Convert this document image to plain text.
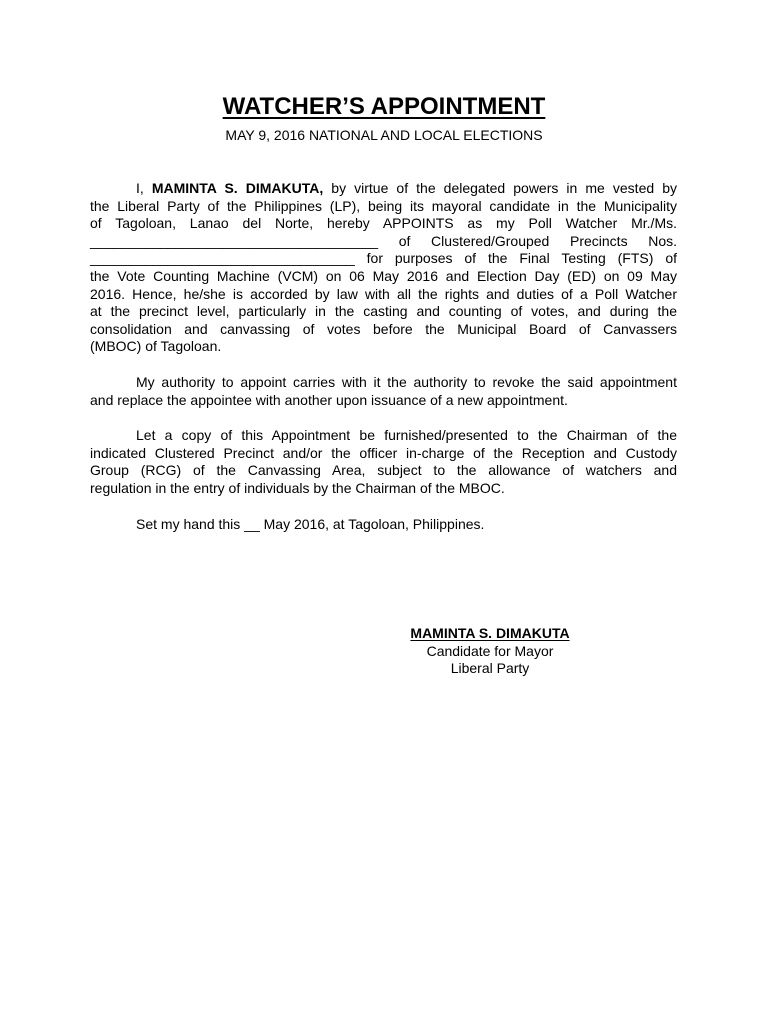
WATCHER’S APPOINTMENT
MAY 9, 2016 NATIONAL AND LOCAL ELECTIONS
I, MAMINTA S. DIMAKUTA, by virtue of the delegated powers in me vested by
the Liberal Party of the Philippines (LP), being its mayoral candidate in the Municipality
of Tagoloan, Lanao del Norte, hereby APPOINTS as my Poll Watcher Mr./Ms.
_____________________________________ of Clustered/Grouped Precincts Nos.
__________________________________ for purposes of the Final Testing (FTS) of
the Vote Counting Machine (VCM) on 06 May 2016 and Election Day (ED) on 09 May
2016. Hence, he/she is accorded by law with all the rights and duties of a Poll Watcher
at the precinct level, particularly in the casting and counting of votes, and during the
consolidation and canvassing of votes before the Municipal Board of Canvassers
(MBOC) of Tagoloan.
My authority to appoint carries with it the authority to revoke the said appointment
and replace the appointee with another upon issuance of a new appointment.
Let a copy of this Appointment be furnished/presented to the Chairman of the
indicated Clustered Precinct and/or the officer in-charge of the Reception and Custody
Group (RCG) of the Canvassing Area, subject to the allowance of watchers and
regulation in the entry of individuals by the Chairman of the MBOC.
Set my hand this __ May 2016, at Tagoloan, Philippines.
MAMINTA S. DIMAKUTA
Candidate for Mayor
Liberal Party
